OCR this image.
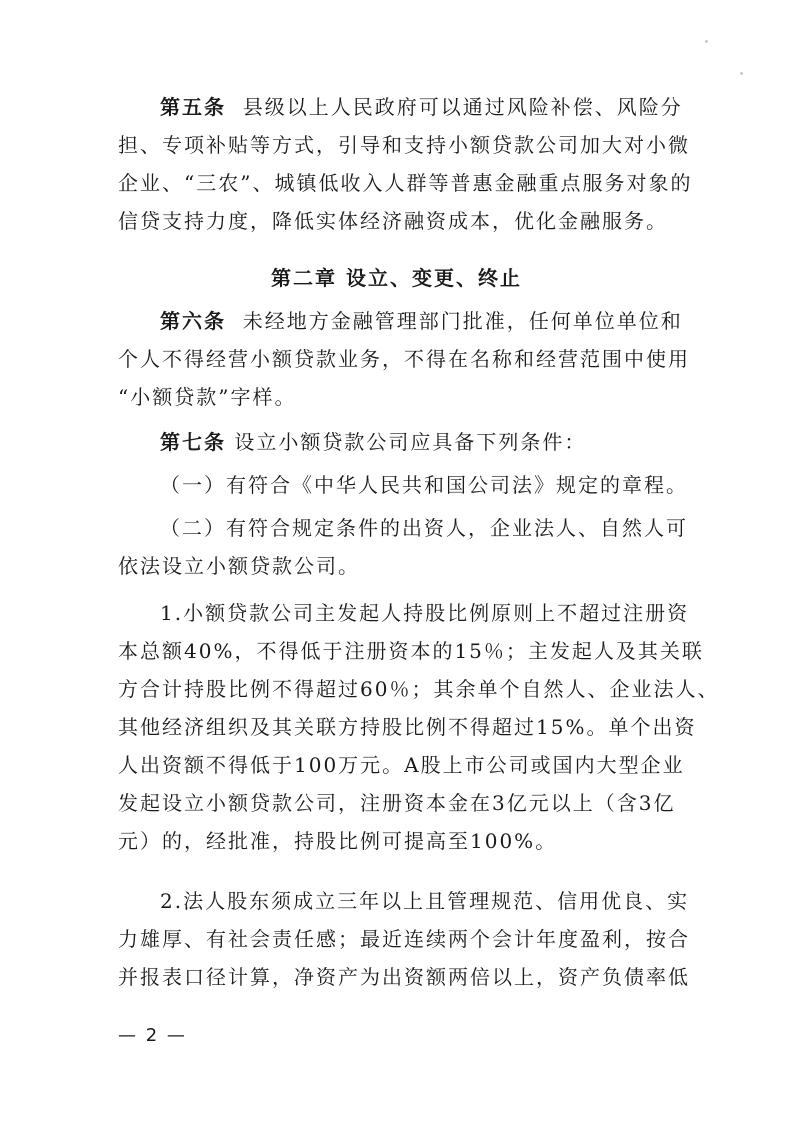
第五条 县级以上人民政府可以通过风险补偿、风险分
担、专项补贴等方式，引导和支持小额贷款公司加大对小微
企业、“三农”、城镇低收入人群等普惠金融重点服务对象的
信贷支持力度，降低实体经济融资成本，优化金融服务。
第二章 设立、变更、终止
第六条 未经地方金融管理部门批准，任何单位单位和
个人不得经营小额贷款业务，不得在名称和经营范围中使用
“小额贷款”字样。
第七条 设立小额贷款公司应具备下列条件：
（一）有符合《中华人民共和国公司法》规定的章程。
（二）有符合规定条件的出资人，企业法人、自然人可
依法设立小额贷款公司。
1.小额贷款公司主发起人持股比例原则上不超过注册资
本总额40%，不得低于注册资本的15％；主发起人及其关联
方合计持股比例不得超过60％；其余单个自然人、企业法人、
其他经济组织及其关联方持股比例不得超过15%。单个出资
人出资额不得低于100万元。A股上市公司或国内大型企业
发起设立小额贷款公司，注册资本金在3亿元以上（含3亿
元）的，经批准，持股比例可提高至100%。
2.法人股东须成立三年以上且管理规范、信用优良、实
力雄厚、有社会责任感；最近连续两个会计年度盈利，按合
并报表口径计算，净资产为出资额两倍以上，资产负债率低
— 2 —
